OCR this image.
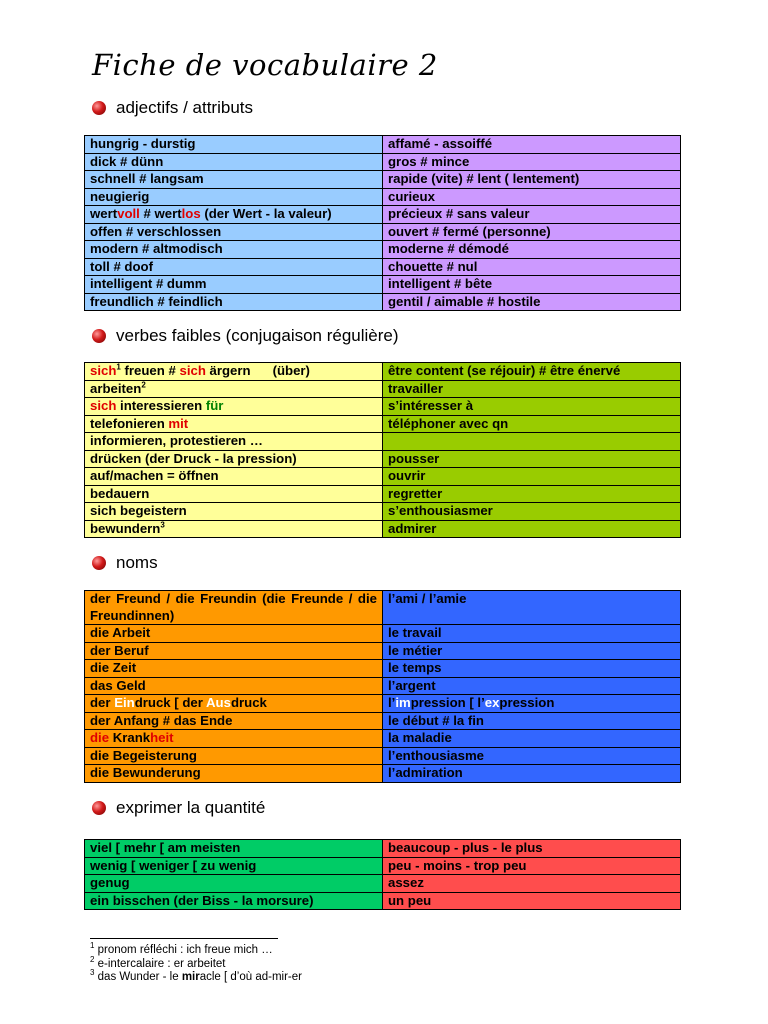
Fiche de vocabulaire 2
adjectifs / attributs
hungrig - durstig	affamé - assoiffé
dick # dünn	gros # mince
schnell # langsam	rapide (vite) # lent ( lentement)
neugierig	curieux
wertvoll # wertlos (der Wert - la valeur)	précieux # sans valeur
offen # verschlossen	ouvert # fermé (personne)
modern # altmodisch	moderne # démodé
toll # doof	chouette # nul
intelligent # dumm	intelligent # bête
freundlich # feindlich	gentil / aimable # hostile
verbes faibles (conjugaison régulière)
sich$^1$ freuen # sich ärgern      (über)	être content (se réjouir) # être énervé
arbeiten$^2$	travailler
sich interessieren für	s’intéresser à
telefonieren mit	téléphoner avec qn
informieren, protestieren …	
drücken (der Druck - la pression)	pousser
auf/machen = öffnen	ouvrir
bedauern	regretter
sich begeistern	s’enthousiasmer
bewundern$^3$	admirer
noms
der Freund / die Freundin (die Freunde / die Freundinnen)	l’ami / l’amie
die Arbeit	le travail
der Beruf	le métier
die Zeit	le temps
das Geld	l’argent
der Eindruck [ der Ausdruck	l’impression [ l’expression
der Anfang # das Ende	le début # la fin
die Krankheit	la maladie
die Begeisterung	l’enthousiasme
die Bewunderung	l’admiration
exprimer la quantité
viel [ mehr [ am meisten	beaucoup - plus - le plus
wenig [ weniger [ zu wenig	peu - moins - trop peu
genug	assez
ein bisschen (der Biss - la morsure)	un peu
$^1$ pronom réfléchi : ich freue mich …
$^2$ e-intercalaire : er arbeitet
$^3$ das Wunder - le miracle [ d’où ad-mir-er
